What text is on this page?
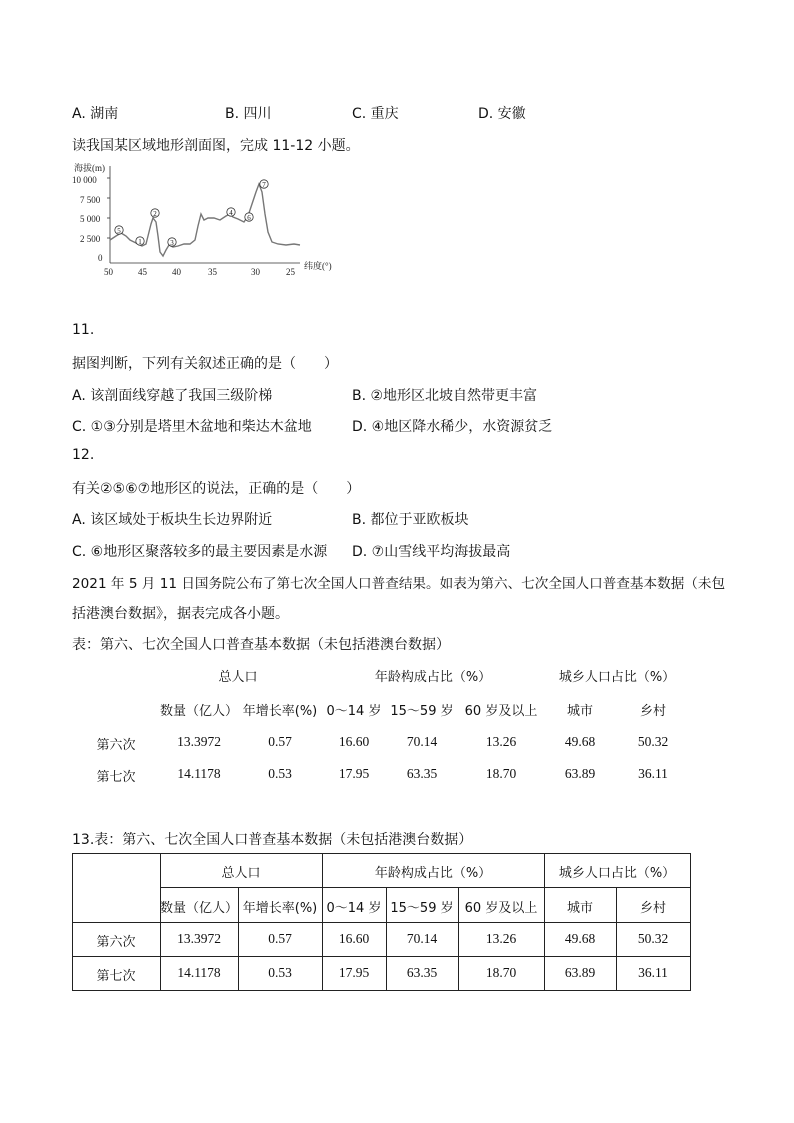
A. 湖南	B. 四川	C. 重庆	D. 安徽
读我国某区域地形剖面图，完成 11-12 小题。
海拔(m)
10 000
7 500
5 000
2 500
0
50	45	40	35	30	25
纬度(°)
5
1
2
3
4
6
7
11.
据图判断，下列有关叙述正确的是（　　）
A. 该剖面线穿越了我国三级阶梯	B. ②地形区北坡自然带更丰富
C. ①③分别是塔里木盆地和柴达木盆地	D. ④地区降水稀少，水资源贫乏
12.
有关②⑤⑥⑦地形区的说法，正确的是（　　）
A. 该区域处于板块生长边界附近	B. 都位于亚欧板块
C. ⑥地形区聚落较多的最主要因素是水源 D. ⑦山雪线平均海拔最高
2021 年 5 月 11 日国务院公布了第七次全国人口普查结果。如表为第六、七次全国人口普查基本数据（未包
括港澳台数据》，据表完成各小题。
表：第六、七次全国人口普查基本数据（未包括港澳台数据）
总人口	年龄构成占比（%）	城乡人口占比（%）
数量（亿人） 年增长率(%) 0～14 岁 15～59 岁 60 岁及以上	城市	乡村
第六次	13.3972	0.57	16.60	70.14	13.26	49.68	50.32
第七次	14.1178	0.53	17.95	63.35	18.70	63.89	36.11
13.表：第六、七次全国人口普查基本数据（未包括港澳台数据）
总人口	年龄构成占比（%）	城乡人口占比（%）
数量（亿人） 年增长率(%) 0～14 岁 15～59 岁 60 岁及以上	城市	乡村
第六次	13.3972	0.57	16.60	70.14	13.26	49.68	50.32
第七次	14.1178	0.53	17.95	63.35	18.70	63.89	36.11
